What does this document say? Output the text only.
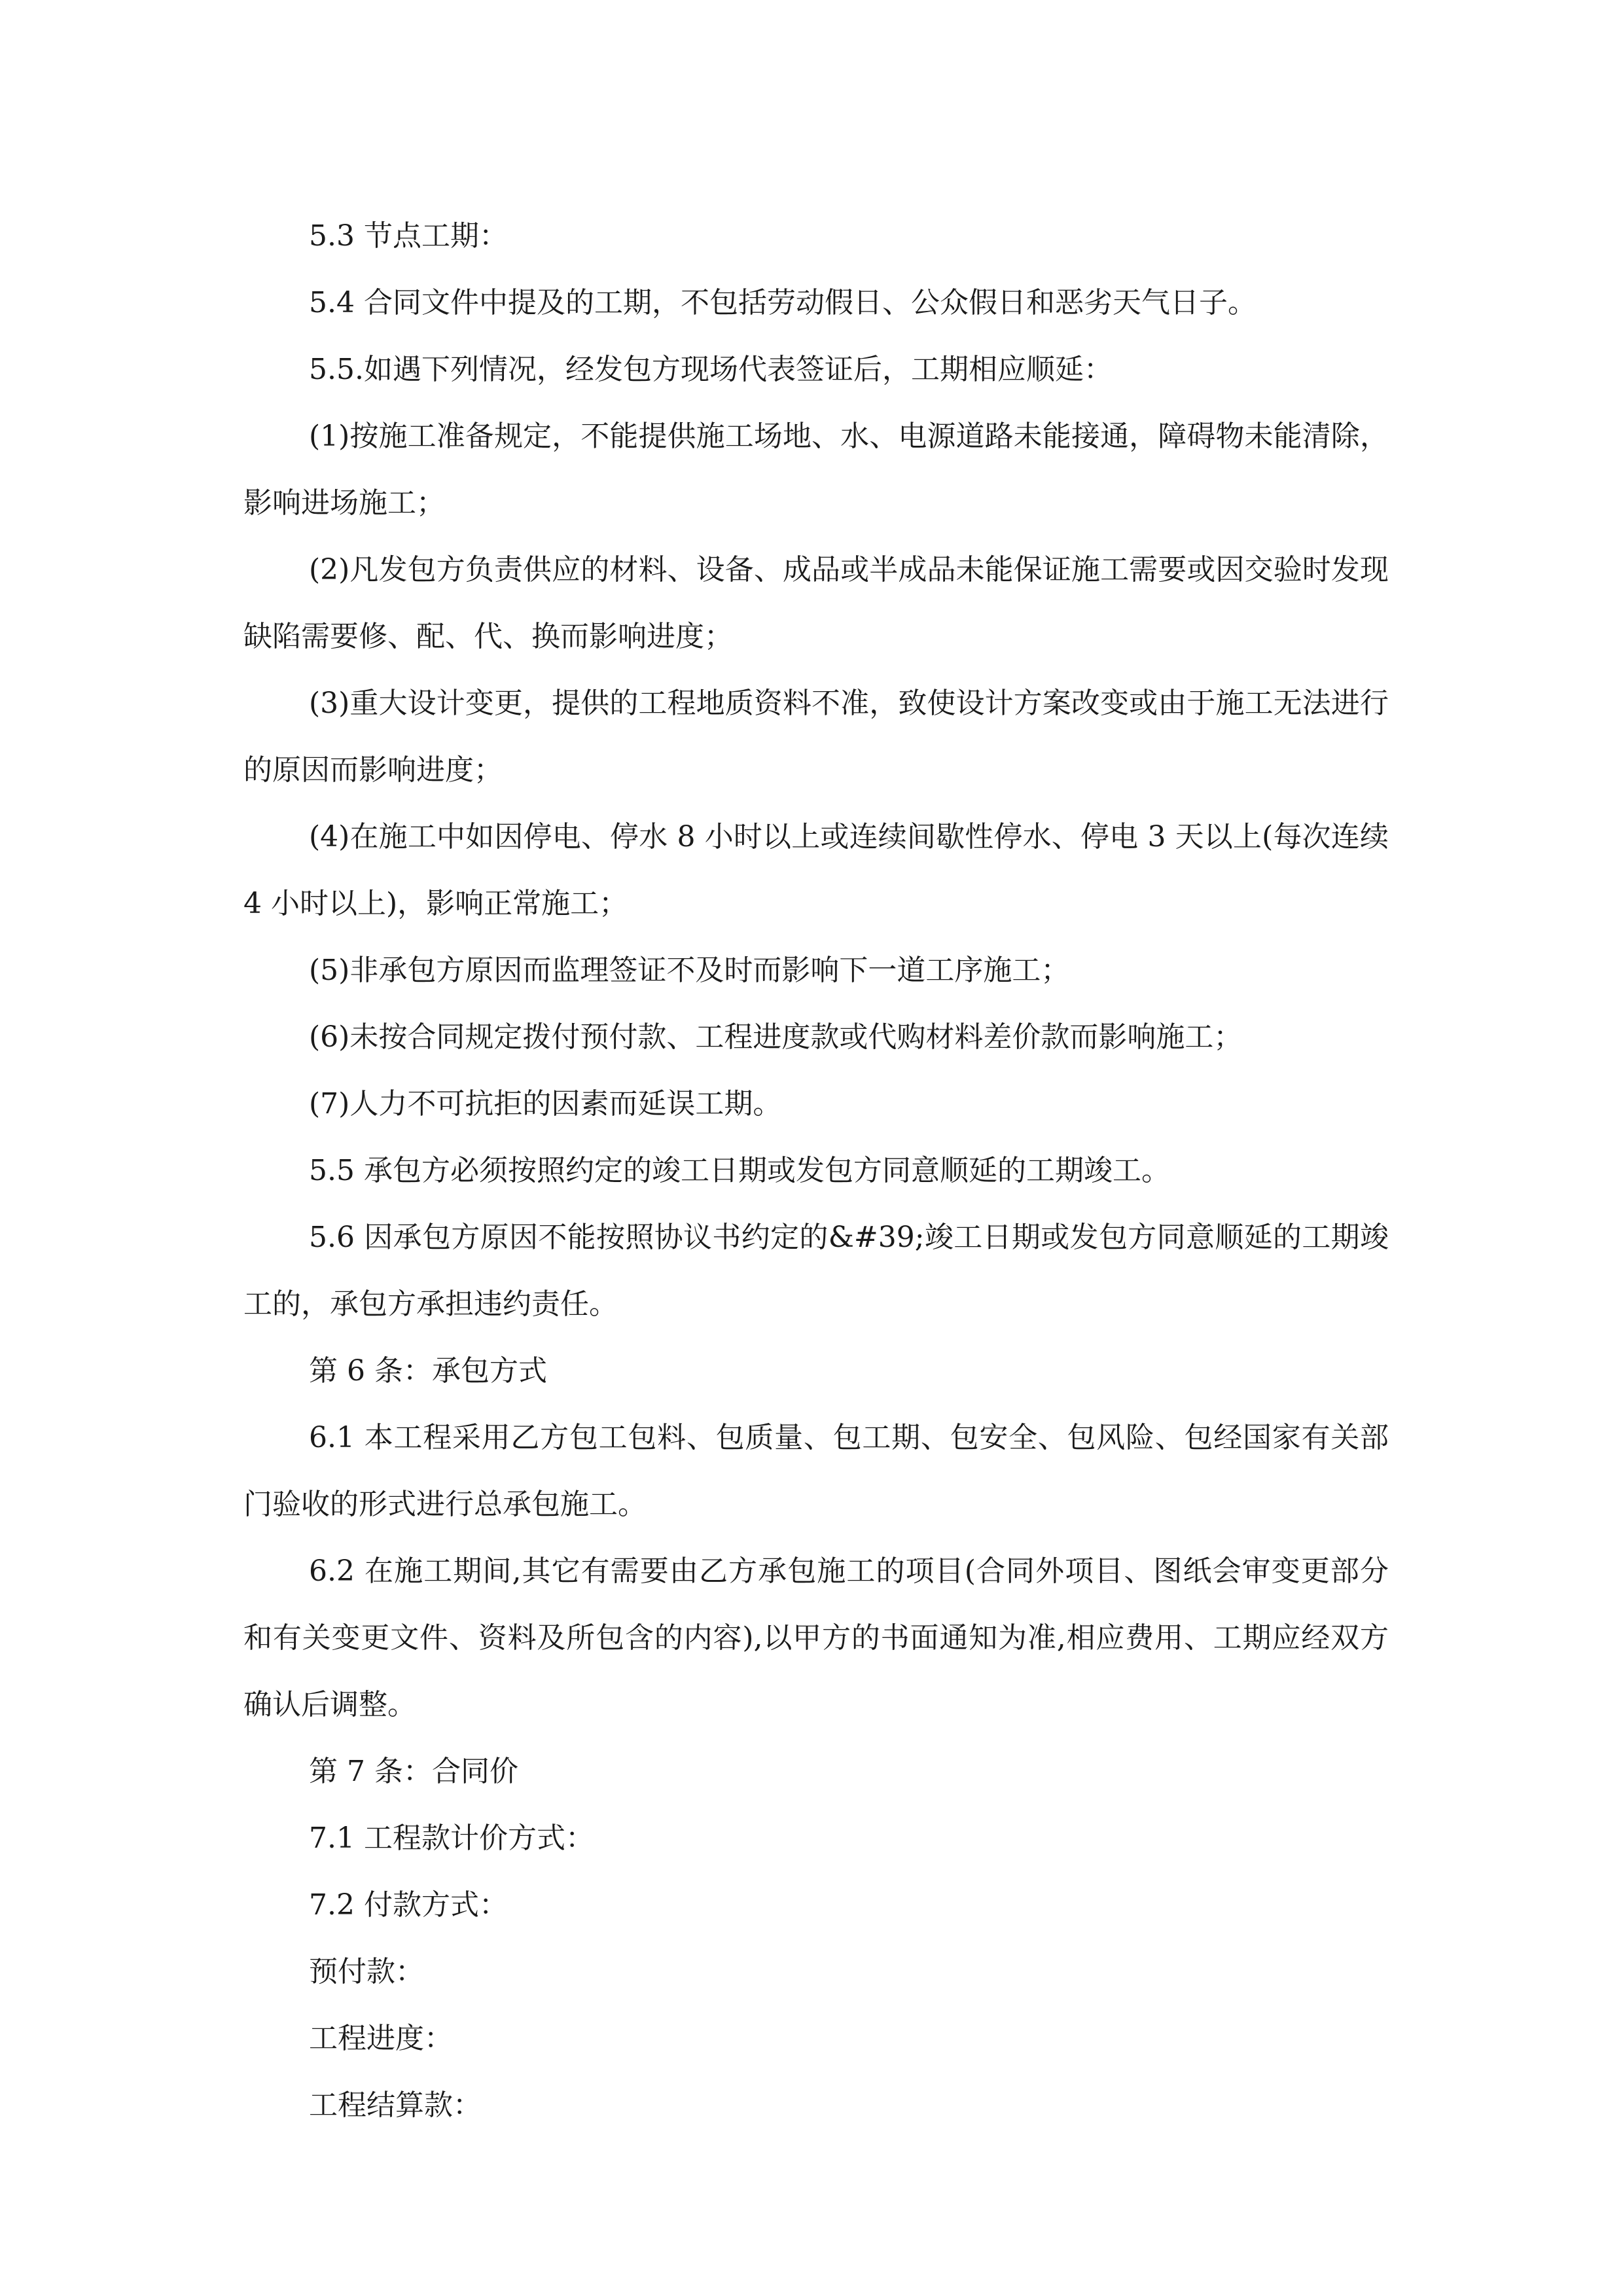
5.3 节点工期：

5.4 合同文件中提及的工期，不包括劳动假日、公众假日和恶劣天气日子。

5.5.如遇下列情况，经发包方现场代表签证后，工期相应顺延：

(1)按施工准备规定，不能提供施工场地、水、电源道路未能接通，障碍物未能清除，影响进场施工；

(2)凡发包方负责供应的材料、设备、成品或半成品未能保证施工需要或因交验时发现缺陷需要修、配、代、换而影响进度；

(3)重大设计变更，提供的工程地质资料不准，致使设计方案改变或由于施工无法进行的原因而影响进度；

(4)在施工中如因停电、停水 8 小时以上或连续间歇性停水、停电 3 天以上(每次连续 4 小时以上)，影响正常施工；

(5)非承包方原因而监理签证不及时而影响下一道工序施工；

(6)未按合同规定拨付预付款、工程进度款或代购材料差价款而影响施工；

(7)人力不可抗拒的因素而延误工期。

5.5 承包方必须按照约定的竣工日期或发包方同意顺延的工期竣工。

5.6 因承包方原因不能按照协议书约定的&#39;竣工日期或发包方同意顺延的工期竣工的，承包方承担违约责任。

第 6 条：承包方式

6.1 本工程采用乙方包工包料、包质量、包工期、包安全、包风险、包经国家有关部门验收的形式进行总承包施工。

6.2 在施工期间,其它有需要由乙方承包施工的项目(合同外项目、图纸会审变更部分和有关变更文件、资料及所包含的内容),以甲方的书面通知为准,相应费用、工期应经双方确认后调整。

第 7 条：合同价

7.1 工程款计价方式：

7.2 付款方式：

预付款：

工程进度：

工程结算款：
